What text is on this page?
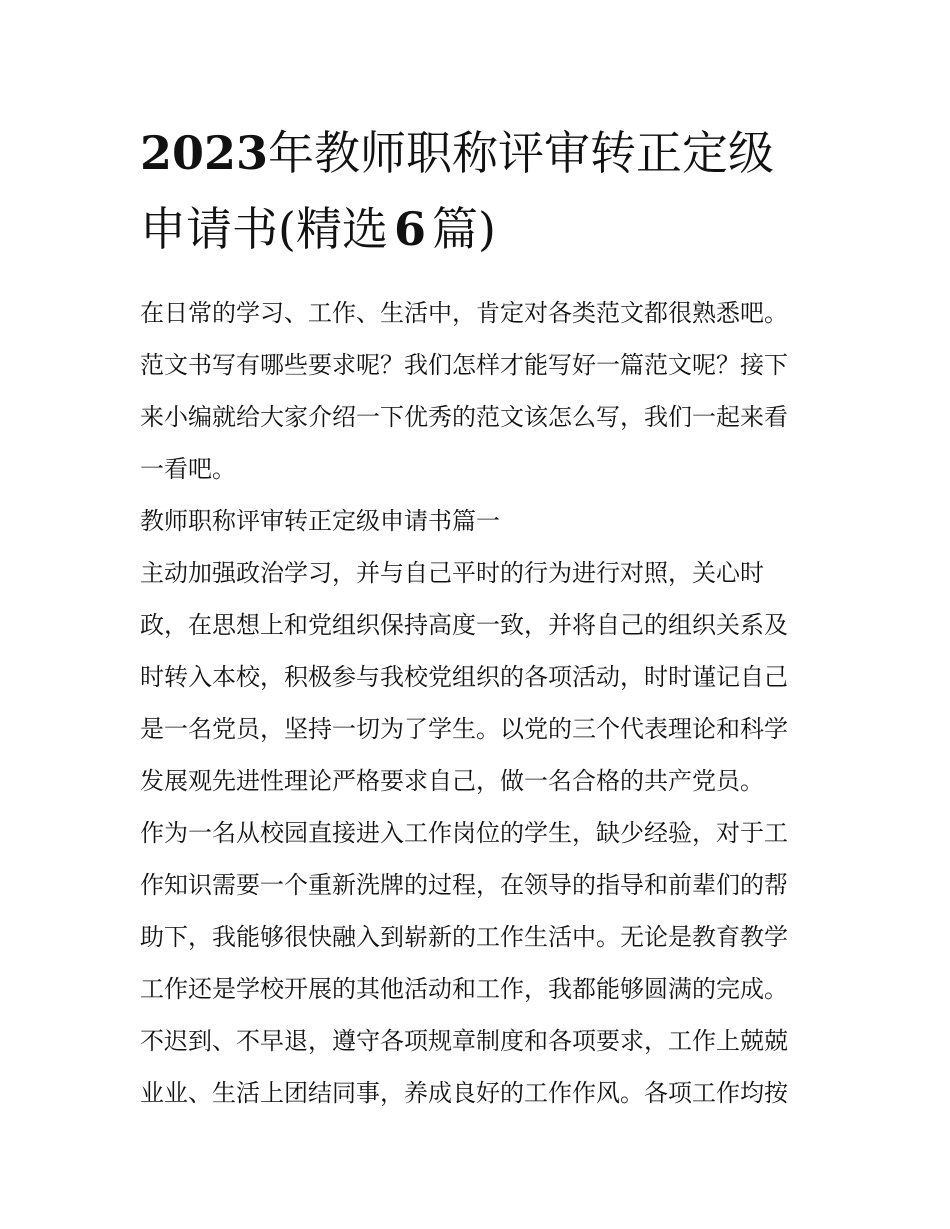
2023年教师职称评审转正定级
申请书(精选 6 篇)
在日常的学习、工作、生活中，肯定对各类范文都很熟悉吧。
范文书写有哪些要求呢？我们怎样才能写好一篇范文呢？接下
来小编就给大家介绍一下优秀的范文该怎么写，我们一起来看
一看吧。
教师职称评审转正定级申请书篇一
主动加强政治学习，并与自己平时的行为进行对照，关心时
政，在思想上和党组织保持高度一致，并将自己的组织关系及
时转入本校，积极参与我校党组织的各项活动，时时谨记自己
是一名党员，坚持一切为了学生。以党的三个代表理论和科学
发展观先进性理论严格要求自己，做一名合格的共产党员。
作为一名从校园直接进入工作岗位的学生，缺少经验，对于工
作知识需要一个重新洗牌的过程，在领导的指导和前辈们的帮
助下，我能够很快融入到崭新的工作生活中。无论是教育教学
工作还是学校开展的其他活动和工作，我都能够圆满的完成。
不迟到、不早退，遵守各项规章制度和各项要求，工作上兢兢
业业、生活上团结同事，养成良好的工作作风。各项工作均按
